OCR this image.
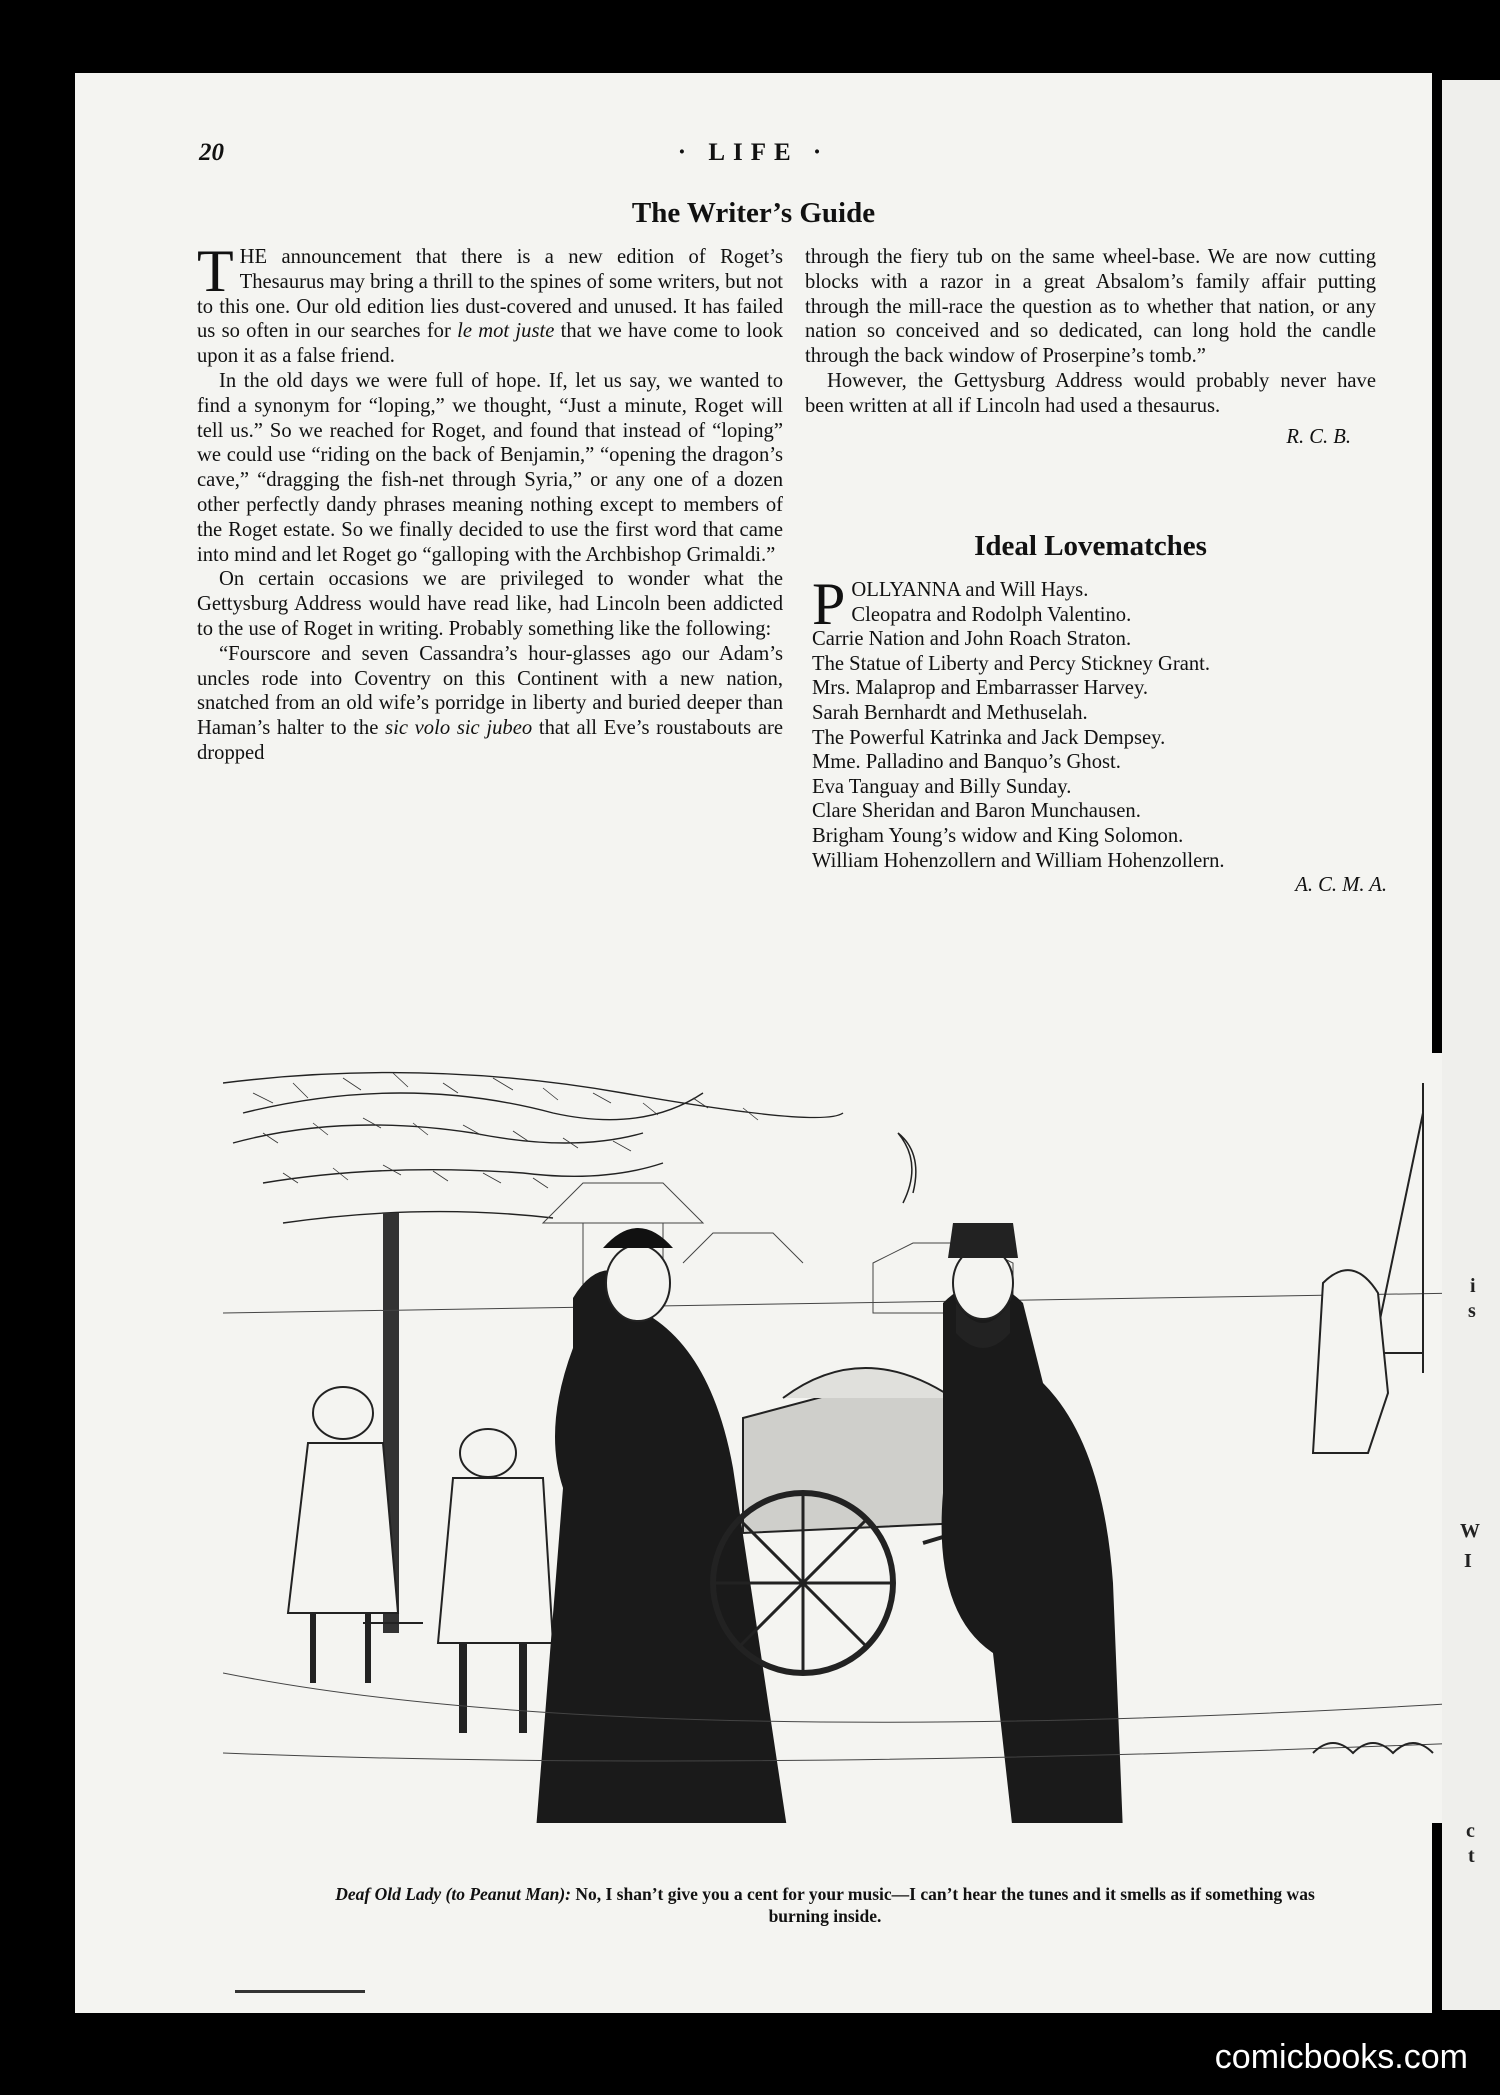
20	· LIFE ·
The Writer’s Guide

THE announcement that there is a new edition of Roget’s Thesaurus may bring a thrill to the spines of some writers, but not to this one. Our old edition lies dust-covered and unused. It has failed us so often in our searches for le mot juste that we have come to look upon it as a false friend.

In the old days we were full of hope. If, let us say, we wanted to find a synonym for “loping,” we thought, “Just a minute, Roget will tell us.” So we reached for Roget, and found that instead of “loping” we could use “riding on the back of Benjamin,” “opening the dragon’s cave,” “dragging the fish-net through Syria,” or any one of a dozen other perfectly dandy phrases meaning nothing except to members of the Roget estate. So we finally decided to use the first word that came into mind and let Roget go “galloping with the Archbishop Grimaldi.”

On certain occasions we are privileged to wonder what the Gettysburg Address would have read like, had Lincoln been addicted to the use of Roget in writing. Probably something like the following:

“Fourscore and seven Cassandra’s hour-glasses ago our Adam’s uncles rode into Coventry on this Continent with a new nation, snatched from an old wife’s porridge in liberty and buried deeper than Haman’s halter to the sic volo sic jubeo that all Eve’s roustabouts are dropped

through the fiery tub on the same wheel-base. We are now cutting blocks with a razor in a great Absalom’s family affair putting through the mill-race the question as to whether that nation, or any nation so conceived and so dedicated, can long hold the candle through the back window of Proserpine’s tomb.”

However, the Gettysburg Address would probably never have been written at all if Lincoln had used a thesaurus.

R. C. B.

Ideal Lovematches
POLLYANNA and Will Hays.
Cleopatra and Rodolph Valentino.
Carrie Nation and John Roach Straton.
The Statue of Liberty and Percy Stickney Grant.
Mrs. Malaprop and Embarrasser Harvey.
Sarah Bernhardt and Methuselah.
The Powerful Katrinka and Jack Dempsey.
Mme. Palladino and Banquo’s Ghost.
Eva Tanguay and Billy Sunday.
Clare Sheridan and Baron Munchausen.
Brigham Young’s widow and King Solomon.
William Hohenzollern and William Hohenzollern.
A. C. M. A.
Deaf Old Lady (to Peanut Man): No, I shan’t give you a cent for your music—I can’t hear the tunes and it smells as if something was burning inside.
i
s
W
I
c
t
comicbooks.com
